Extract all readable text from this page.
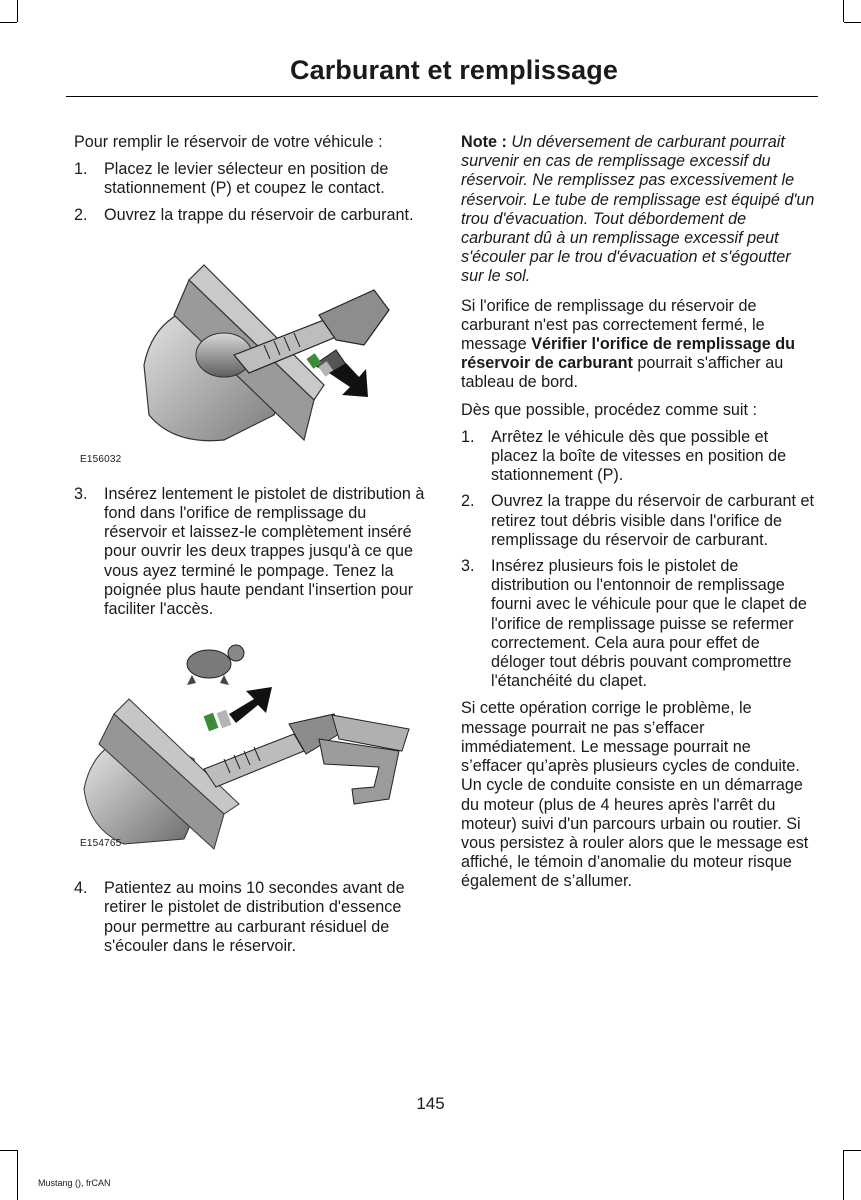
Carburant et remplissage

Pour remplir le réservoir de votre véhicule :

1. Placez le levier sélecteur en position de stationnement (P) et coupez le contact.
2. Ouvrez la trappe du réservoir de carburant.
E156032
3. Insérez lentement le pistolet de distribution à fond dans l'orifice de remplissage du réservoir et laissez-le complètement inséré pour ouvrir les deux trappes jusqu'à ce que vous ayez terminé le pompage. Tenez la poignée plus haute pendant l'insertion pour faciliter l'accès.
E154765
4. Patientez au moins 10 secondes avant de retirer le pistolet de distribution d'essence pour permettre au carburant résiduel de s'écouler dans le réservoir.

Note : Un déversement de carburant pourrait survenir en cas de remplissage excessif du réservoir. Ne remplissez pas excessivement le réservoir. Le tube de remplissage est équipé d'un trou d'évacuation. Tout débordement de carburant dû à un remplissage excessif peut s'écouler par le trou d'évacuation et s'égoutter sur le sol.

Si l'orifice de remplissage du réservoir de carburant n'est pas correctement fermé, le message Vérifier l'orifice de remplissage du réservoir de carburant pourrait s'afficher au tableau de bord.

Dès que possible, procédez comme suit :

1. Arrêtez le véhicule dès que possible et placez la boîte de vitesses en position de stationnement (P).
2. Ouvrez la trappe du réservoir de carburant et retirez tout débris visible dans l'orifice de remplissage du réservoir de carburant.
3. Insérez plusieurs fois le pistolet de distribution ou l'entonnoir de remplissage fourni avec le véhicule pour que le clapet de l'orifice de remplissage puisse se refermer correctement. Cela aura pour effet de déloger tout débris pouvant compromettre l'étanchéité du clapet.

Si cette opération corrige le problème, le message pourrait ne pas s’effacer immédiatement. Le message pourrait ne s’effacer qu’après plusieurs cycles de conduite. Un cycle de conduite consiste en un démarrage du moteur (plus de 4 heures après l'arrêt du moteur) suivi d'un parcours urbain ou routier. Si vous persistez à rouler alors que le message est affiché, le témoin d’anomalie du moteur risque également de s’allumer.

145
Mustang (), frCAN
